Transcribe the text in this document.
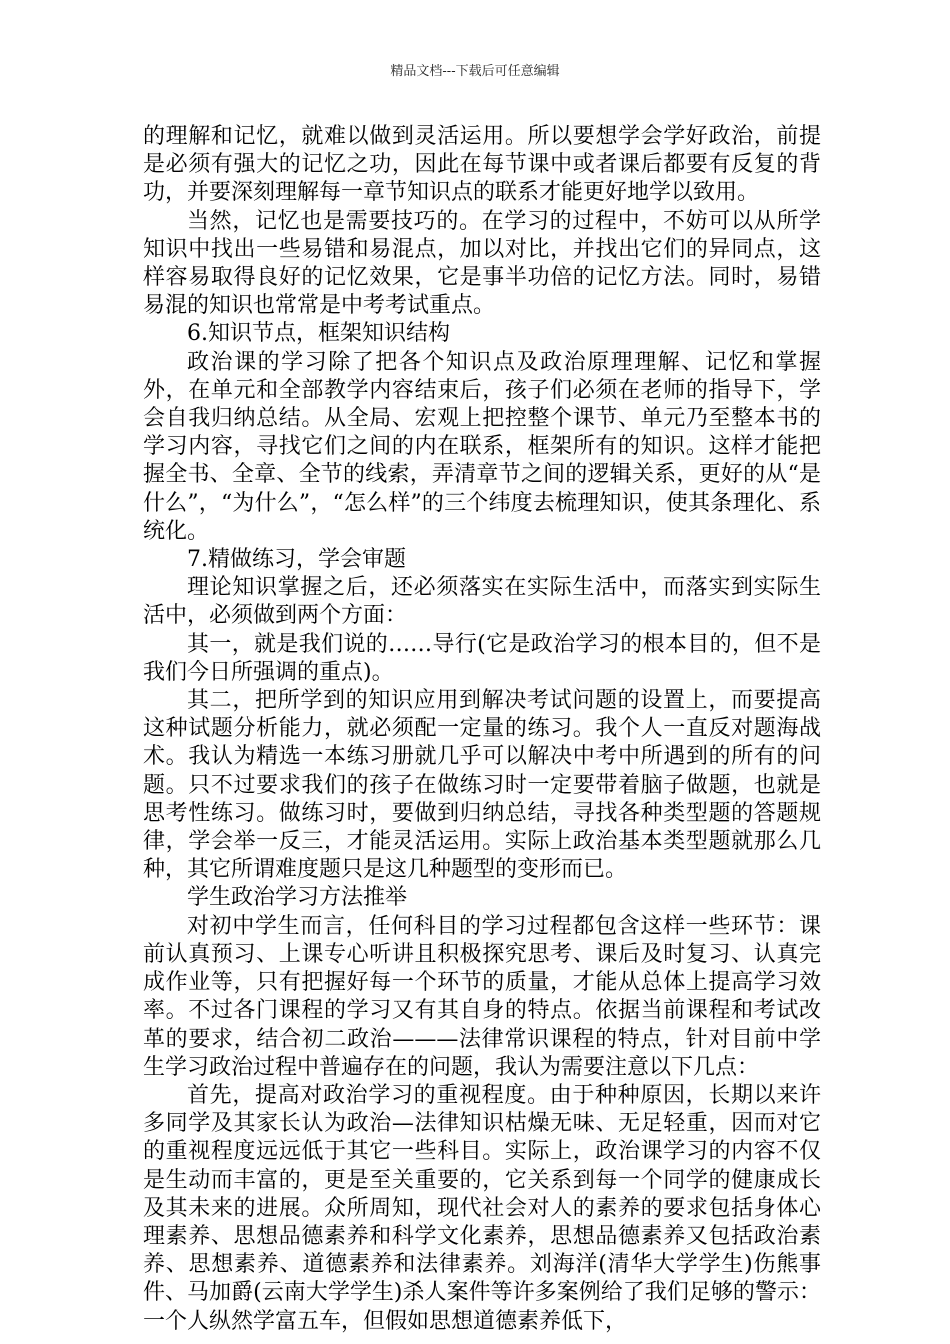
精品文档---下载后可任意编辑

的理解和记忆，就难以做到灵活运用。所以要想学会学好政治，前提是必须有强大的记忆之功，因此在每节课中或者课后都要有反复的背功，并要深刻理解每一章节知识点的联系才能更好地学以致用。

当然，记忆也是需要技巧的。在学习的过程中，不妨可以从所学知识中找出一些易错和易混点，加以对比，并找出它们的异同点，这样容易取得良好的记忆效果，它是事半功倍的记忆方法。同时，易错易混的知识也常常是中考考试重点。

6.知识节点，框架知识结构

政治课的学习除了把各个知识点及政治原理理解、记忆和掌握外，在单元和全部教学内容结束后，孩子们必须在老师的指导下，学会自我归纳总结。从全局、宏观上把控整个课节、单元乃至整本书的学习内容，寻找它们之间的内在联系，框架所有的知识。这样才能把握全书、全章、全节的线索，弄清章节之间的逻辑关系，更好的从“是什么”，“为什么”，“怎么样”的三个纬度去梳理知识，使其条理化、系统化。

7.精做练习，学会审题

理论知识掌握之后，还必须落实在实际生活中，而落实到实际生活中，必须做到两个方面：

其一，就是我们说的……导行(它是政治学习的根本目的，但不是我们今日所强调的重点)。

其二，把所学到的知识应用到解决考试问题的设置上，而要提高这种试题分析能力，就必须配一定量的练习。我个人一直反对题海战术。我认为精选一本练习册就几乎可以解决中考中所遇到的所有的问题。只不过要求我们的孩子在做练习时一定要带着脑子做题，也就是思考性练习。做练习时，要做到归纳总结，寻找各种类型题的答题规律，学会举一反三，才能灵活运用。实际上政治基本类型题就那么几种，其它所谓难度题只是这几种题型的变形而已。

学生政治学习方法推举

对初中学生而言，任何科目的学习过程都包含这样一些环节：课前认真预习、上课专心听讲且积极探究思考、课后及时复习、认真完成作业等，只有把握好每一个环节的质量，才能从总体上提高学习效率。不过各门课程的学习又有其自身的特点。依据当前课程和考试改革的要求，结合初二政治———法律常识课程的特点，针对目前中学生学习政治过程中普遍存在的问题，我认为需要注意以下几点：

首先，提高对政治学习的重视程度。由于种种原因，长期以来许多同学及其家长认为政治—法律知识枯燥无味、无足轻重，因而对它的重视程度远远低于其它一些科目。实际上，政治课学习的内容不仅是生动而丰富的，更是至关重要的，它关系到每一个同学的健康成长及其未来的进展。众所周知，现代社会对人的素养的要求包括身体心理素养、思想品德素养和科学文化素养，思想品德素养又包括政治素养、思想素养、道德素养和法律素养。刘海洋(清华大学学生)伤熊事件、马加爵(云南大学学生)杀人案件等许多案例给了我们足够的警示：一个人纵然学富五车，但假如思想道德素养低下，
